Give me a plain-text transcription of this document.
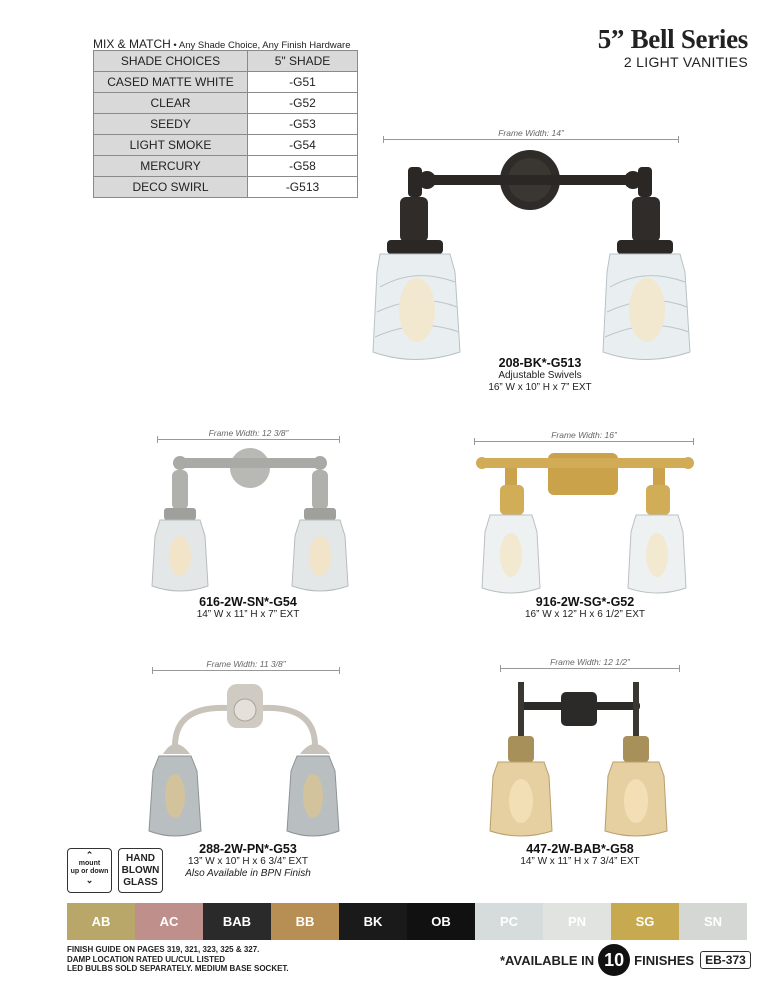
5” Bell Series
2 LIGHT VANITIES
MIX & MATCH • Any Shade Choice, Any Finish Hardware
SHADE CHOICES	5" SHADE
CASED MATTE WHITE	-G51
CLEAR	-G52
SEEDY	-G53
LIGHT SMOKE	-G54
MERCURY	-G58
DECO SWIRL	-G513
Frame Width: 14”
208-BK*-G513
Adjustable Swivels
16” W x 10” H x 7” EXT
Frame Width: 12 3/8”
616-2W-SN*-G54
14” W x 11” H x 7” EXT
Frame Width: 16”
916-2W-SG*-G52
16” W x 12” H x 6 1/2” EXT
Frame Width: 11 3/8”
288-2W-PN*-G53
13” W x 10” H x 6 3/4” EXT
Also Available in BPN Finish
Frame Width: 12 1/2”
447-2W-BAB*-G58
14” W x 11” H x 7 3/4” EXT
⌃
mount
up or down
⌄
HAND
BLOWN
GLASS
AB	AC	BAB	BB	BK	OB	PC	PN	SG	SN
FINISH GUIDE ON PAGES 319, 321, 323, 325 & 327.
DAMP LOCATION RATED UL/CUL LISTED
LED BULBS SOLD SEPARATELY. MEDIUM BASE SOCKET.
*AVAILABLE IN 10 FINISHES EB-373
